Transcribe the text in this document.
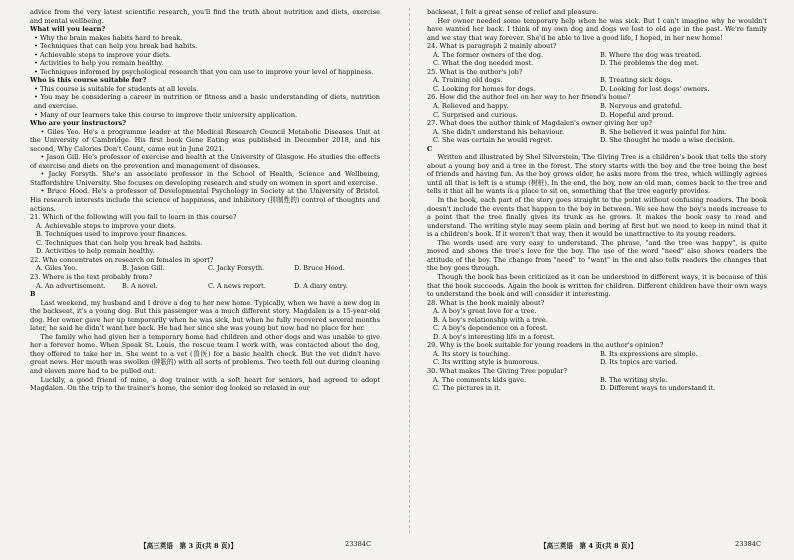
advice from the very latest scientific research, you'll find the truth about nutrition and diets, exercise and mental wellbeing.

What will you learn?

• Why the brain makes habits hard to break.

• Techniques that can help you break bad habits.

• Achievable steps to improve your diets.

• Activities to help you remain healthy.

• Techniques informed by psychological research that you can use to improve your level of happiness.

Who is this course suitable for?

• This course is suitable for students at all levels.

• You may be considering a career in nutrition or fitness and a basic understanding of diets, nutrition and exercise.

• Many of our learners take this course to improve their university application.

Who are your instructors?

• Giles Yeo. He's a programme leader at the Medical Research Council Metabolic Diseases Unit at the University of Cambridge. His first book Gene Eating was published in December 2018, and his second, Why Calories Don't Count, came out in June 2021.

• Jason Gill. He's professor of exercise and health at the University of Glasgow. He studies the effects of exercise and diets on the prevention and management of diseases.

• Jacky Forsyth. She's an associate professor in the School of Health, Science and Wellbeing, Staffordshire University. She focuses on developing research and study on women in sport and exercise.

• Bruce Hood. He's a professor of Developmental Psychology in Society at the University of Bristol. His research interests include the science of happiness, and inhibitory (抑制性的) control of thoughts and actions.

21. Which of the following will you fail to learn in this course?

A. Achievable steps to improve your diets.

B. Techniques used to improve your finances.

C. Techniques that can help you break bad habits.

D. Activities to help remain healthy.

22. Who concentrates on research on females in sport?

A. Giles Yeo.	B. Jason Gill.	C. Jacky Forsyth.	D. Bruce Hood.

23. Where is the text probably from?

A. An advertisement.	B. A novel.	C. A news report.	D. A diary entry.

B

Last weekend, my husband and I drove a dog to her new home. Typically, when we have a new dog in the backseat, it's a young dog. But this passenger was a much different story. Magdalen is a 15-year-old dog. Her owner gave her up temporarily when he was sick, but when he fully recovered several months later, he said he didn't want her back. He had her since she was young but now had no place for her.

The family who had given her a temporary home had children and other dogs and was unable to give her a forever home. When Speak St. Louis, the rescue team I work with, was contacted about the dog, they offered to take her in. She went to a vet (兽医) for a basic health check. But the vet didn't have great news. Her mouth was swollen (肿胀的) with all sorts of problems. Two teeth fell out during cleaning and eleven more had to be pulled out.

Luckily, a good friend of mine, a dog trainer with a soft heart for seniors, had agreed to adopt Magdalen. On the trip to the trainer's home, the senior dog looked so relaxed in our

backseat, I felt a great sense of relief and pleasure.

Her owner needed some temporary help when he was sick. But I can't imagine why he wouldn't have wanted her back. I think of my own dog and dogs we lost to old age in the past. We're family and we stay that way forever. She'd be able to live a good life, I hoped, in her new home!

24. What is paragraph 2 mainly about?

A. The former owners of the dog.	B. Where the dog was treated.
C. What the dog needed most.	D. The problems the dog met.

25. What is the author's job?

A. Training old dogs.	B. Treating sick dogs.
C. Looking for homes for dogs.	D. Looking for lost dogs' owners.

26. How did the author feel on her way to her friend's home?

A. Relieved and happy.	B. Nervous and grateful.
C. Surprised and curious.	D. Hopeful and proud.

27. What does the author think of Magdalen's owner giving her up?

A. She didn't understand his behaviour.	B. She believed it was painful for him.
C. She was certain he would regret.	D. She thought he made a wise decision.

C

Written and illustrated by Shel Silverstein, The Giving Tree is a children's book that tells the story about a young boy and a tree in the forest. The story starts with the boy and the tree being the best of friends and having fun. As the boy grows older, he asks more from the tree, which willingly agrees until all that is left is a stump (树桩). In the end, the boy, now an old man, comes back to the tree and tells it that all he wants is a place to sit on, something that the tree eagerly provides.

In the book, each part of the story goes straight to the point without confusing readers. The book doesn't include the events that happen to the boy in between. We see how the boy's needs increase to a point that the tree finally gives its trunk as he grows. It makes the book easy to read and understand. The writing style may seem plain and boring at first but we need to keep in mind that it is a children's book. If it weren't that way, then it would be unattractive to its young readers.

The words used are very easy to understand. The phrase, "and the tree was happy", is quite moved and shows the tree's love for the boy. The use of the word "need" also shows readers the attitude of the boy. The change from "need" to "want" in the end also tells readers the changes that the boy goes through.

Though the book has been criticized as it can be understood in different ways, it is because of this that the book succeeds. Again the book is written for children. Different children have their own ways to understand the book and will consider it interesting.

28. What is the book mainly about?

A. A boy's great love for a tree.

B. A boy's relationship with a tree.

C. A boy's dependence on a forest.

D. A boy's interesting life in a forest.

29. Why is the book suitable for young readers in the author's opinion?

A. Its story is touching.	B. Its expressions are simple.
C. Its writing style is humorous.	D. Its topics are varied.

30. What makes The Giving Tree popular?

A. The comments kids gave.	B. The writing style.
C. The pictures in it.	D. Different ways to understand it.
【高三英语　第 3 页(共 8 页)】	23384C	【高三英语　第 4 页(共 8 页)】	23384C
